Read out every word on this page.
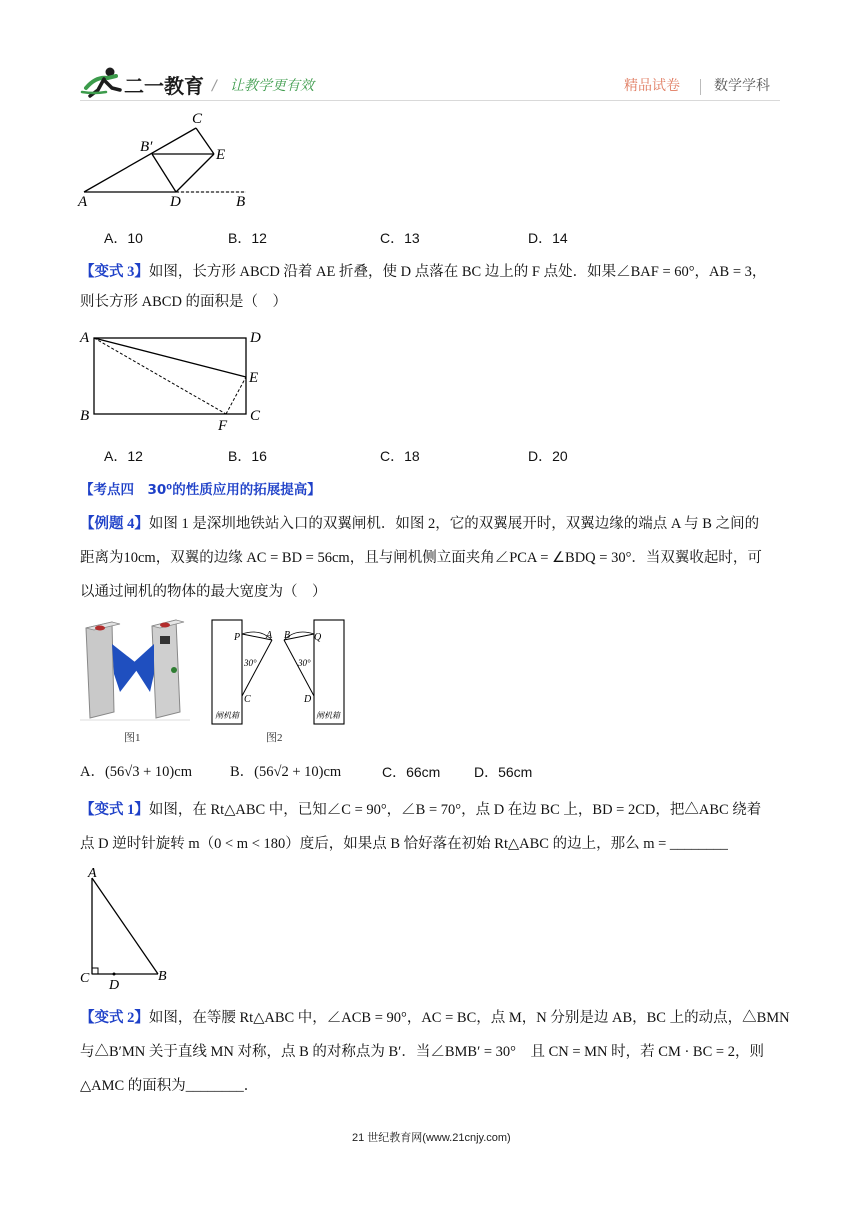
二一教育 / 让教学更有效	精品试卷 数学学科
C
B′	E
A	D	B
A．10	B．12	C．13	D．14
【变式 3】如图，长方形 ABCD 沿着 AE 折叠，使 D 点落在 BC 边上的 F 点处．如果∠BAF = 60°，AB = 3，
则长方形 ABCD 的面积是（　）
A	D
E
B
F
C
A．12	B．16	C．18	D．20
【考点四　30⁰的性质应用的拓展提高】
【例题 4】如图 1 是深圳地铁站入口的双翼闸机．如图 2，它的双翼展开时，双翼边缘的端点 A 与 B 之间的
距离为10cm，双翼的边缘 AC = BD = 56cm，且与闸机侧立面夹角∠PCA = ∠BDQ = 30°．当双翼收起时，可
以通过闸机的物体的最大宽度为（　）
图1
P	A B Q
30°	30°
C	D
闸机箱	闸机箱
图2
A．(56√3 + 10)cm	B．(56√2 + 10)cm	C．66cm D．56cm
【变式 1】如图，在 Rt△ABC 中，已知∠C = 90°，∠B = 70°，点 D 在边 BC 上，BD = 2CD，把△ABC 绕着
点 D 逆时针旋转 m（0 < m < 180）度后，如果点 B 恰好落在初始 Rt△ABC 的边上，那么 m = ________
A
C D
B
【变式 2】如图，在等腰 Rt△ABC 中，∠ACB = 90°，AC = BC，点 M，N 分别是边 AB，BC 上的动点，△BMN
与△B′MN 关于直线 MN 对称，点 B 的对称点为 B′．当∠BMB′ = 30°　且 CN = MN 时，若 CM · BC = 2，则
△AMC 的面积为________．
21 世纪教育网(www.21cnjy.com)
